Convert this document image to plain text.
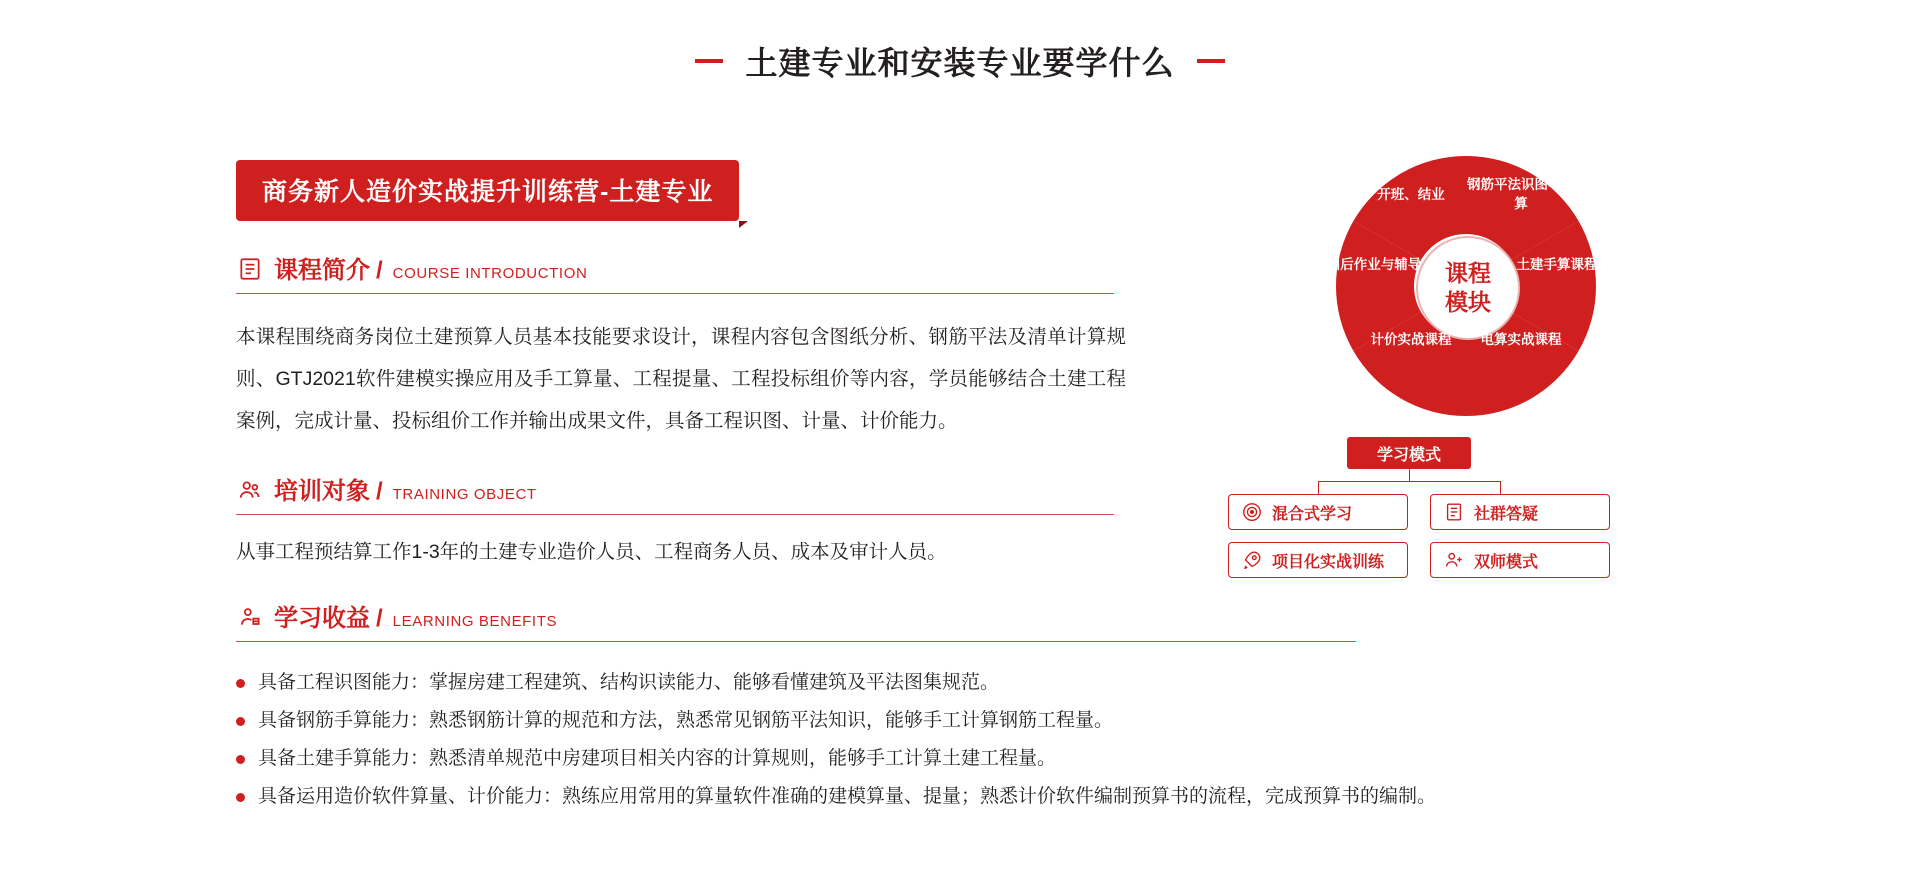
土建专业和安装专业要学什么
商务新人造价实战提升训练营-土建专业
课程简介 / COURSE INTRODUCTION

本课程围绕商务岗位土建预算人员基本技能要求设计，课程内容包含图纸分析、钢筋平法及清单计算规则、GTJ2021软件建模实操应用及手工算量、工程提量、工程投标组价等内容，学员能够结合土建工程案例，完成计量、投标组价工作并输出成果文件，具备工程识图、计量、计价能力。

培训对象 / TRAINING OBJECT

从事工程预结算工作1-3年的土建专业造价人员、工程商务人员、成本及审计人员。

学习收益 / LEARNING BENEFITS
具备工程识图能力：掌握房建工程建筑、结构识读能力、能够看懂建筑及平法图集规范。
具备钢筋手算能力：熟悉钢筋计算的规范和方法，熟悉常见钢筋平法知识，能够手工计算钢筋工程量。
具备土建手算能力：熟悉清单规范中房建项目相关内容的计算规则，能够手工计算土建工程量。
具备运用造价软件算量、计价能力：熟练应用常用的算量软件准确的建模算量、提量；熟悉计价软件编制预算书的流程，完成预算书的编制。
课程
模块
钢筋平法识图与手算
土建手算课程
电算实战课程
计价实战课程
训后作业与辅导
开班、结业
学习模式
混合式学习	社群答疑
项目化实战训练	双师模式
